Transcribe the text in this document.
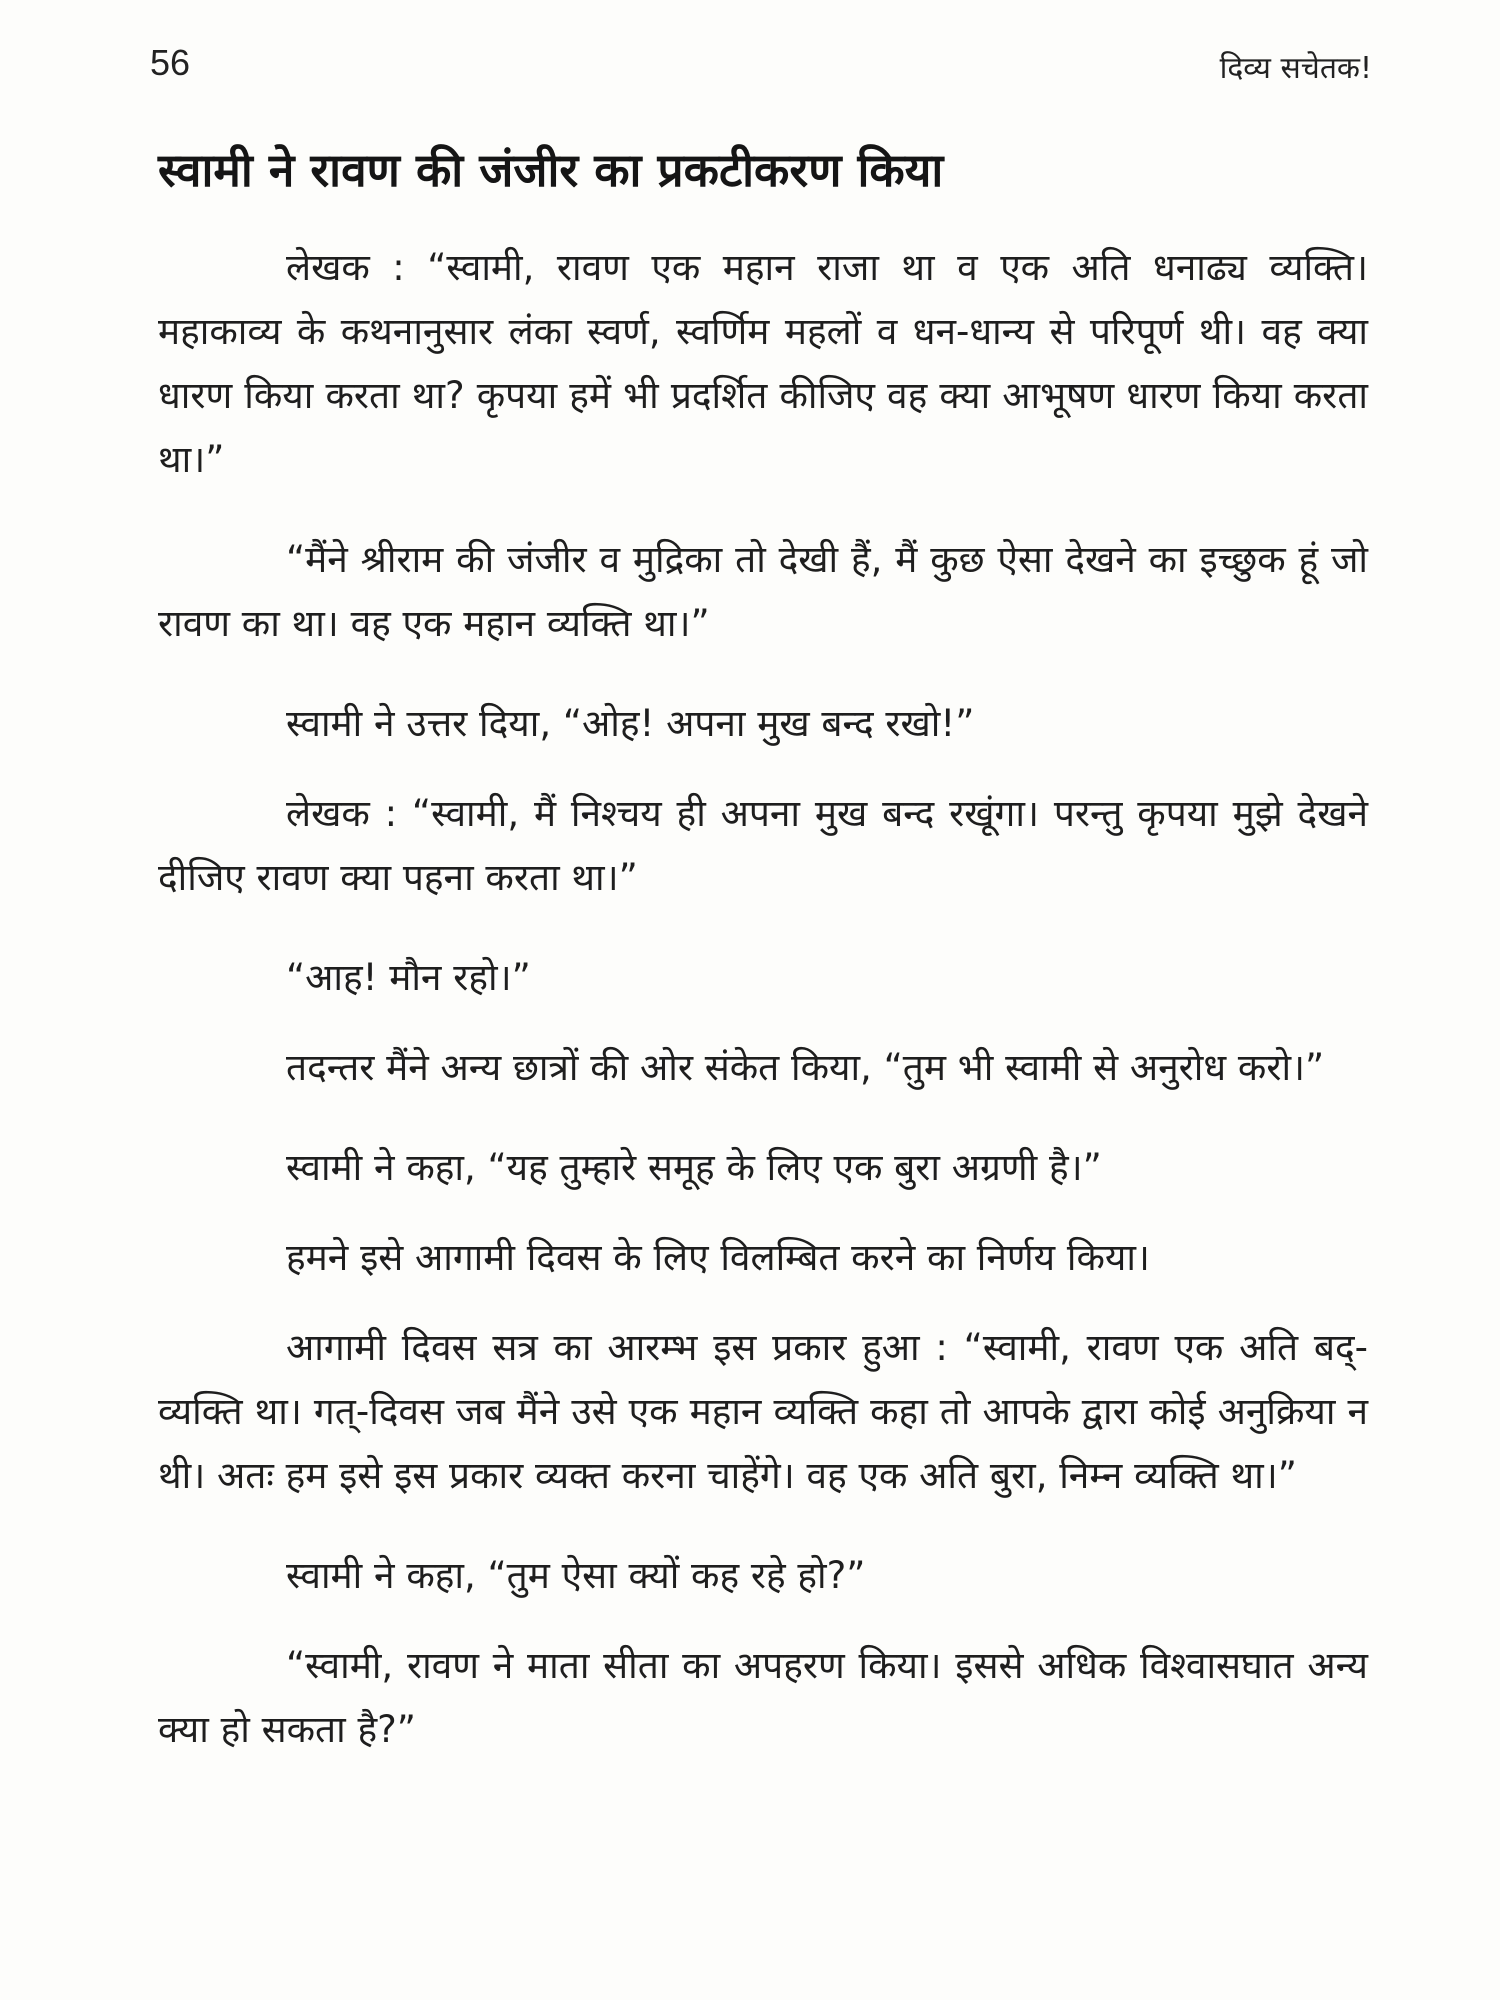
56	दिव्य सचेतक!
स्वामी ने रावण की जंजीर का प्रकटीकरण किया

लेखक : “स्वामी, रावण एक महान राजा था व एक अति धनाढ्य व्यक्ति। महाकाव्य के कथनानुसार लंका स्वर्ण, स्वर्णिम महलों व धन-धान्य से परिपूर्ण थी। वह क्या धारण किया करता था? कृपया हमें भी प्रदर्शित कीजिए वह क्या आभूषण धारण किया करता था।”

“मैंने श्रीराम की जंजीर व मुद्रिका तो देखी हैं, मैं कुछ ऐसा देखने का इच्छुक हूं जो रावण का था। वह एक महान व्यक्ति था।”

स्वामी ने उत्तर दिया, “ओह! अपना मुख बन्द रखो!”

लेखक : “स्वामी, मैं निश्चय ही अपना मुख बन्द रखूंगा। परन्तु कृपया मुझे देखने दीजिए रावण क्या पहना करता था।”

“आह! मौन रहो।”

तदन्तर मैंने अन्य छात्रों की ओर संकेत किया, “तुम भी स्वामी से अनुरोध करो।”

स्वामी ने कहा, “यह तुम्हारे समूह के लिए एक बुरा अग्रणी है।”

हमने इसे आगामी दिवस के लिए विलम्बित करने का निर्णय किया।

आगामी दिवस सत्र का आरम्भ इस प्रकार हुआ : “स्वामी, रावण एक अति बद्-व्यक्ति था। गत्-दिवस जब मैंने उसे एक महान व्यक्ति कहा तो आपके द्वारा कोई अनुक्रिया न थी। अतः हम इसे इस प्रकार व्यक्त करना चाहेंगे। वह एक अति बुरा, निम्न व्यक्ति था।”

स्वामी ने कहा, “तुम ऐसा क्यों कह रहे हो?”

“स्वामी, रावण ने माता सीता का अपहरण किया। इससे अधिक विश्वासघात अन्य क्या हो सकता है?”
